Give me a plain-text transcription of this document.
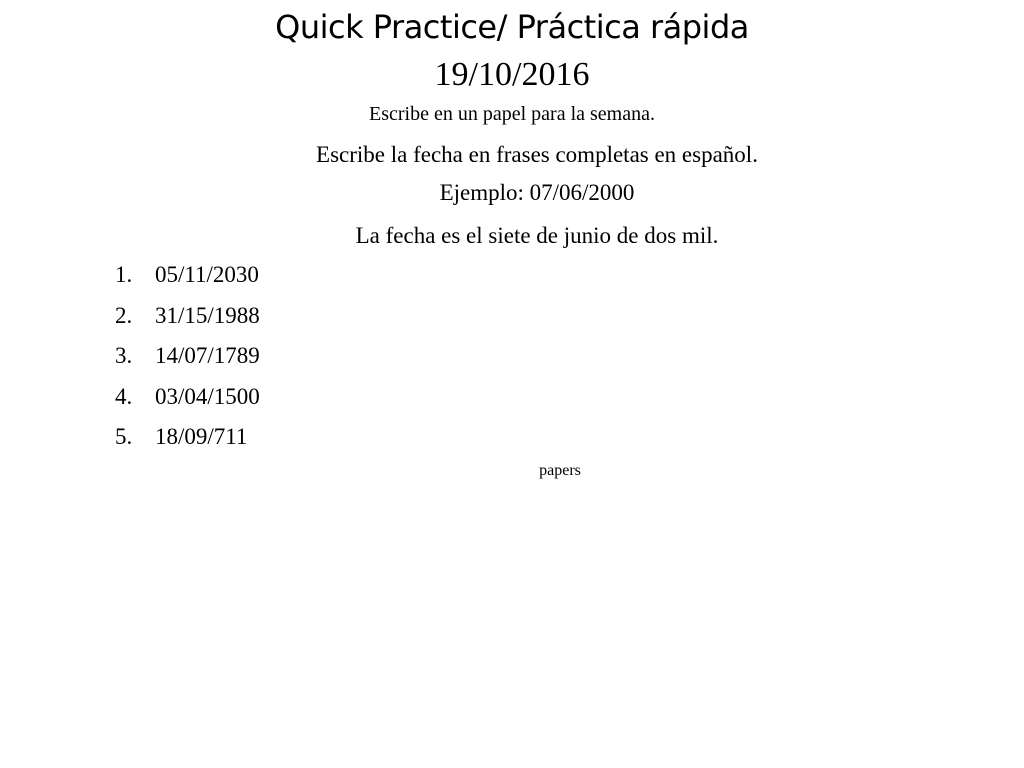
Quick Practice/ Práctica rápida
19/10/2016
Escribe en un papel para la semana.
Escribe la fecha en frases completas en español.
Ejemplo: 07/06/2000
La fecha es el siete de junio de dos mil.
1. 05/11/2030
2. 31/15/1988
3. 14/07/1789
4. 03/04/1500
5. 18/09/711
papers
